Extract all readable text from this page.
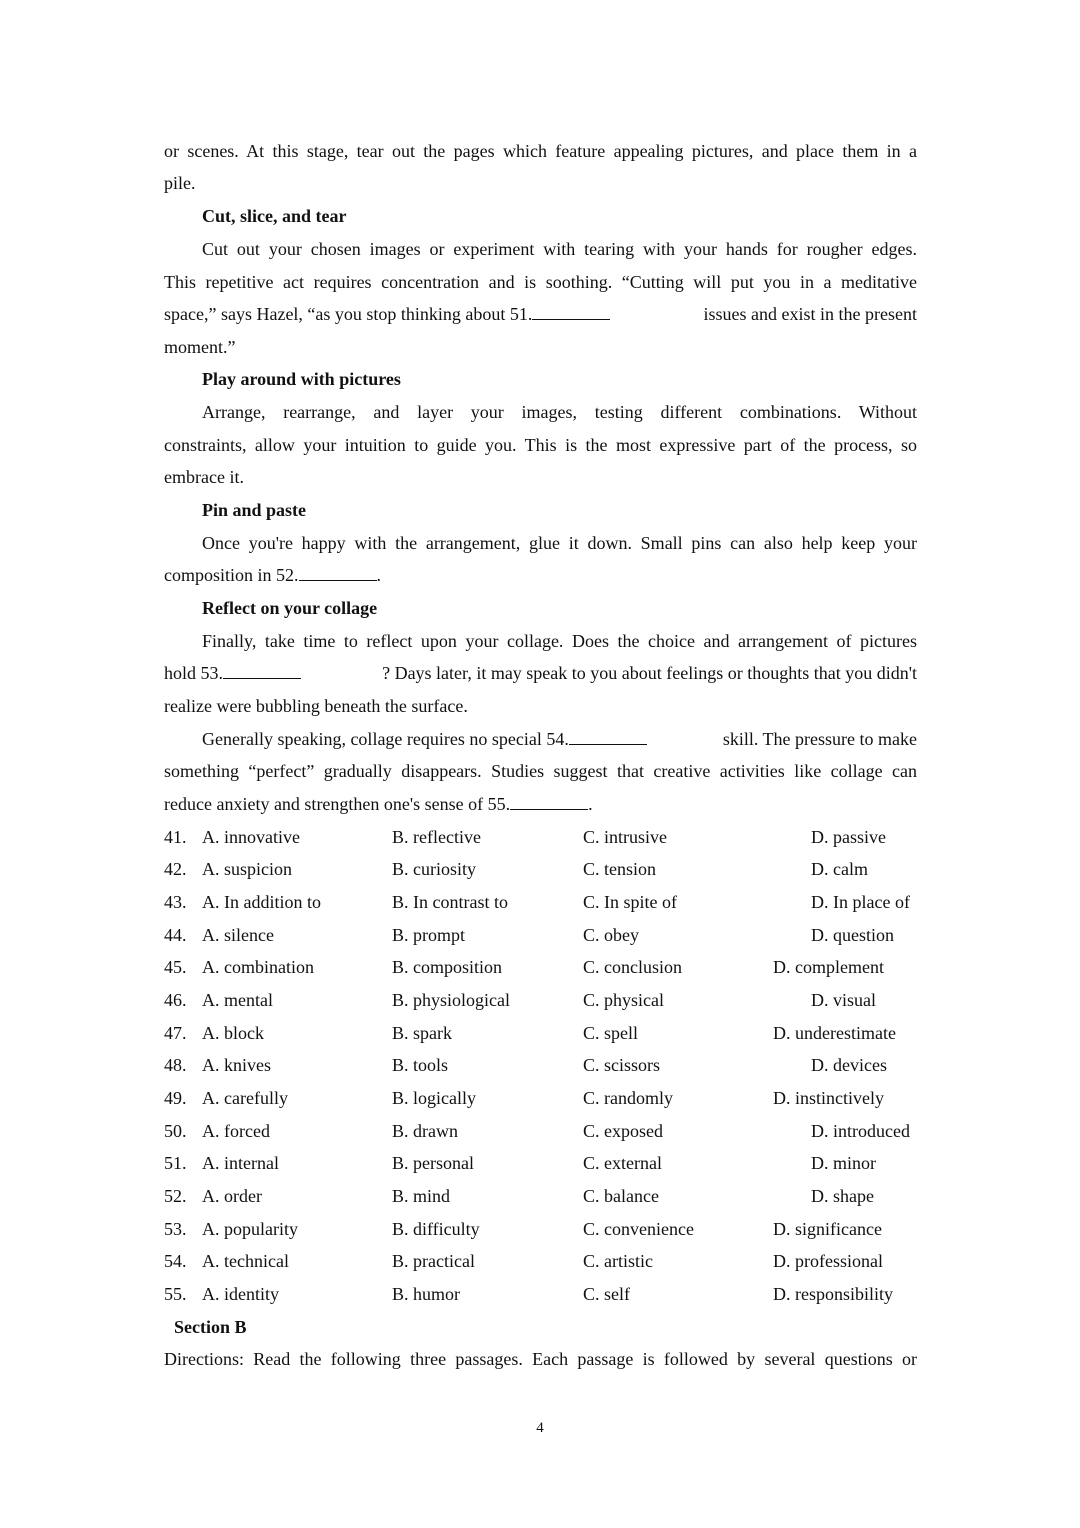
or scenes. At this stage, tear out the pages which feature appealing pictures, and place them in a
pile.
Cut, slice, and tear
Cut out your chosen images or experiment with tearing with your hands for rougher edges.
This repetitive act requires concentration and is soothing. “Cutting will put you in a meditative
space,” says Hazel, “as you stop thinking about 51.	issues and exist in the present
moment.”
Play around with pictures
Arrange, rearrange, and layer your images, testing different combinations. Without
constraints, allow your intuition to guide you. This is the most expressive part of the process, so
embrace it.
Pin and paste
Once you're happy with the arrangement, glue it down. Small pins can also help keep your
composition in 52.	.
Reflect on your collage
Finally, take time to reflect upon your collage. Does the choice and arrangement of pictures
hold 53.	? Days later, it may speak to you about feelings or thoughts that you didn't
realize were bubbling beneath the surface.
Generally speaking, collage requires no special 54.	skill. The pressure to make
something “perfect” gradually disappears. Studies suggest that creative activities like collage can
reduce anxiety and strengthen one's sense of 55.	.
41. A. innovative	B. reflective	C. intrusive	D. passive
42. A. suspicion	B. curiosity	C. tension	D. calm
43. A. In addition to	B. In contrast to	C. In spite of	D. In place of
44. A. silence	B. prompt	C. obey	D. question
45. A. combination	B. composition	C. conclusion	D. complement
46. A. mental	B. physiological	C. physical	D. visual
47. A. block	B. spark	C. spell	D. underestimate
48. A. knives	B. tools	C. scissors	D. devices
49. A. carefully	B. logically	C. randomly	D. instinctively
50. A. forced	B. drawn	C. exposed	D. introduced
51. A. internal	B. personal	C. external	D. minor
52. A. order	B. mind	C. balance	D. shape
53. A. popularity	B. difficulty	C. convenience	D. significance
54. A. technical	B. practical	C. artistic	D. professional
55. A. identity	B. humor	C. self	D. responsibility
Section B
Directions: Read the following three passages. Each passage is followed by several questions or
4
